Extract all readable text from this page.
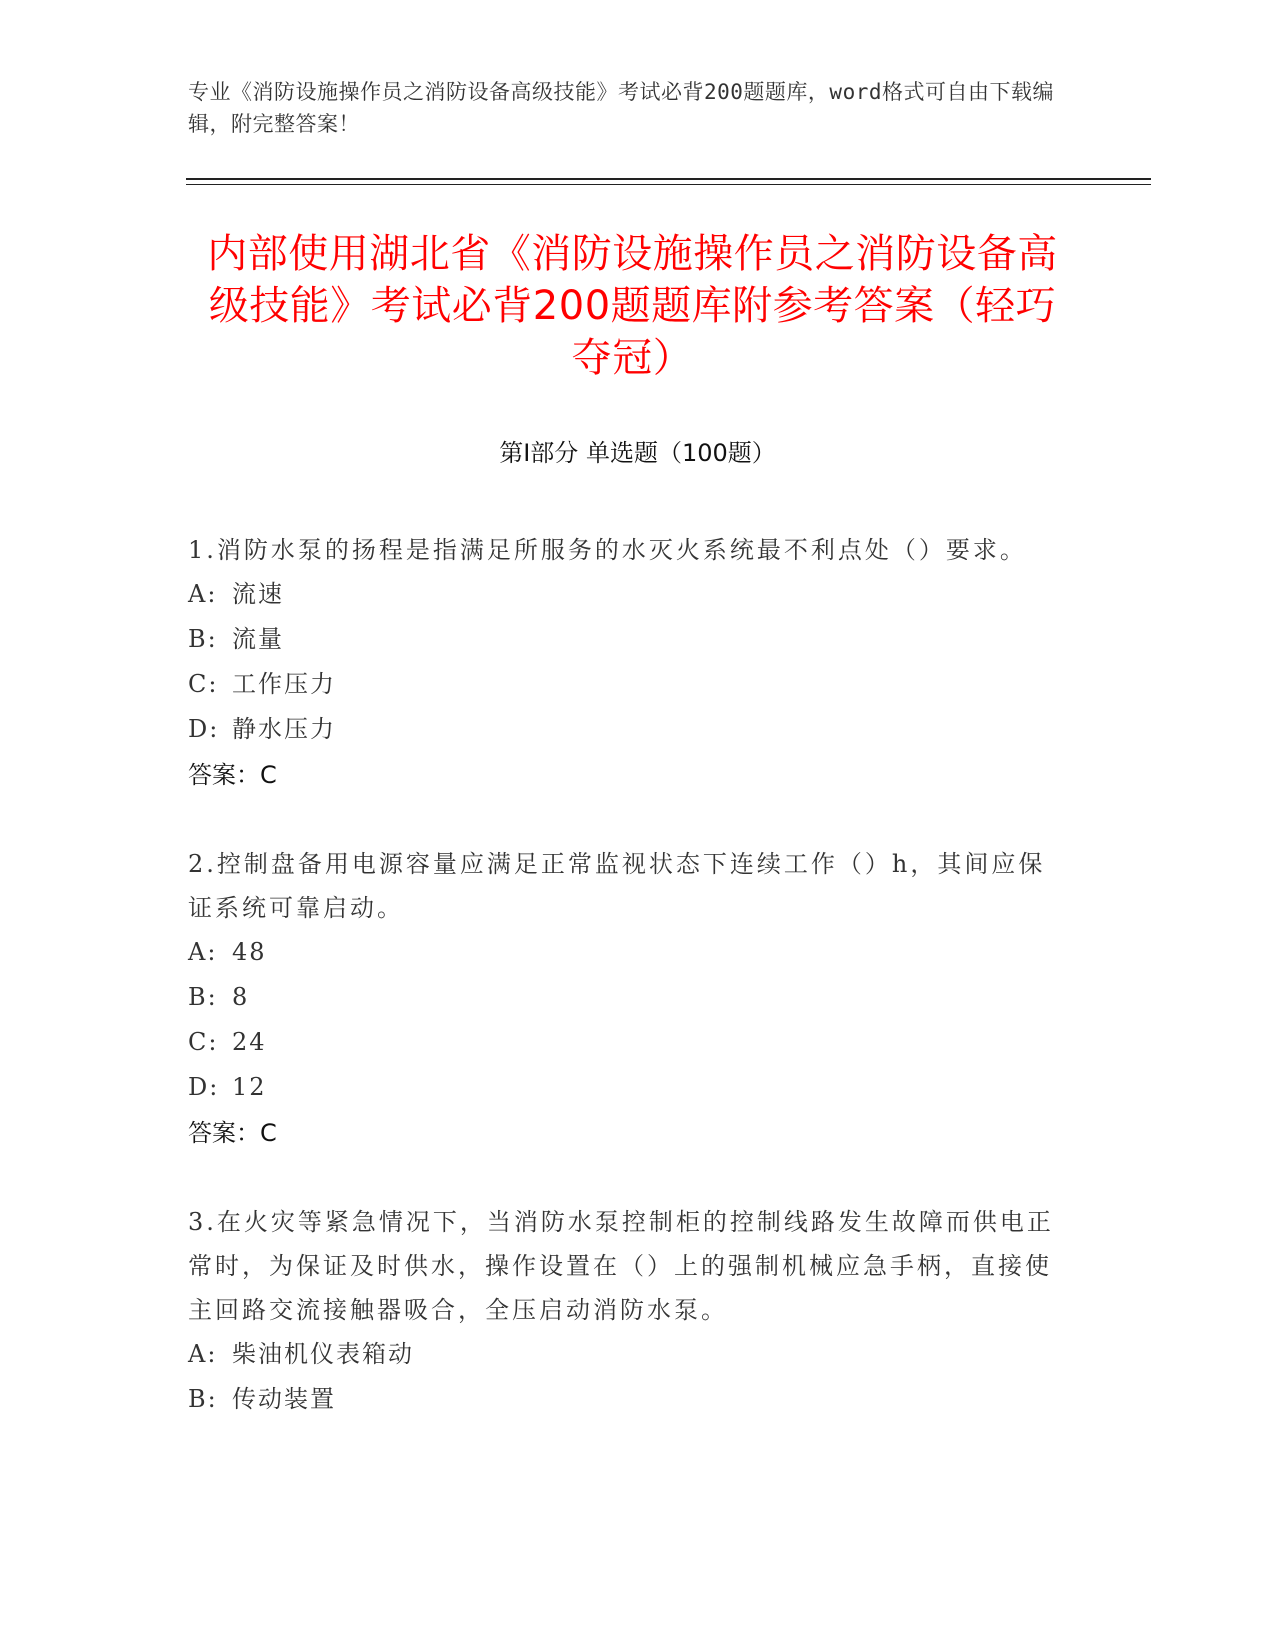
专业《消防设施操作员之消防设备高级技能》考试必背200题题库，word格式可自由下载编辑，附完整答案！
内部使用湖北省《消防设施操作员之消防设备高级技能》考试必背200题题库附参考答案（轻巧夺冠）
第Ⅰ部分 单选题（100题）

1.消防水泵的扬程是指满足所服务的水灭火系统最不利点处（）要求。

A: 流速

B: 流量

C: 工作压力

D: 静水压力

答案：C

2.控制盘备用电源容量应满足正常监视状态下连续工作（）h，其间应保证系统可靠启动。

A: 48

B: 8

C: 24

D: 12

答案：C

3.在火灾等紧急情况下，当消防水泵控制柜的控制线路发生故障而供电正常时，为保证及时供水，操作设置在（）上的强制机械应急手柄，直接使主回路交流接触器吸合，全压启动消防水泵。

A: 柴油机仪表箱动

B: 传动装置
